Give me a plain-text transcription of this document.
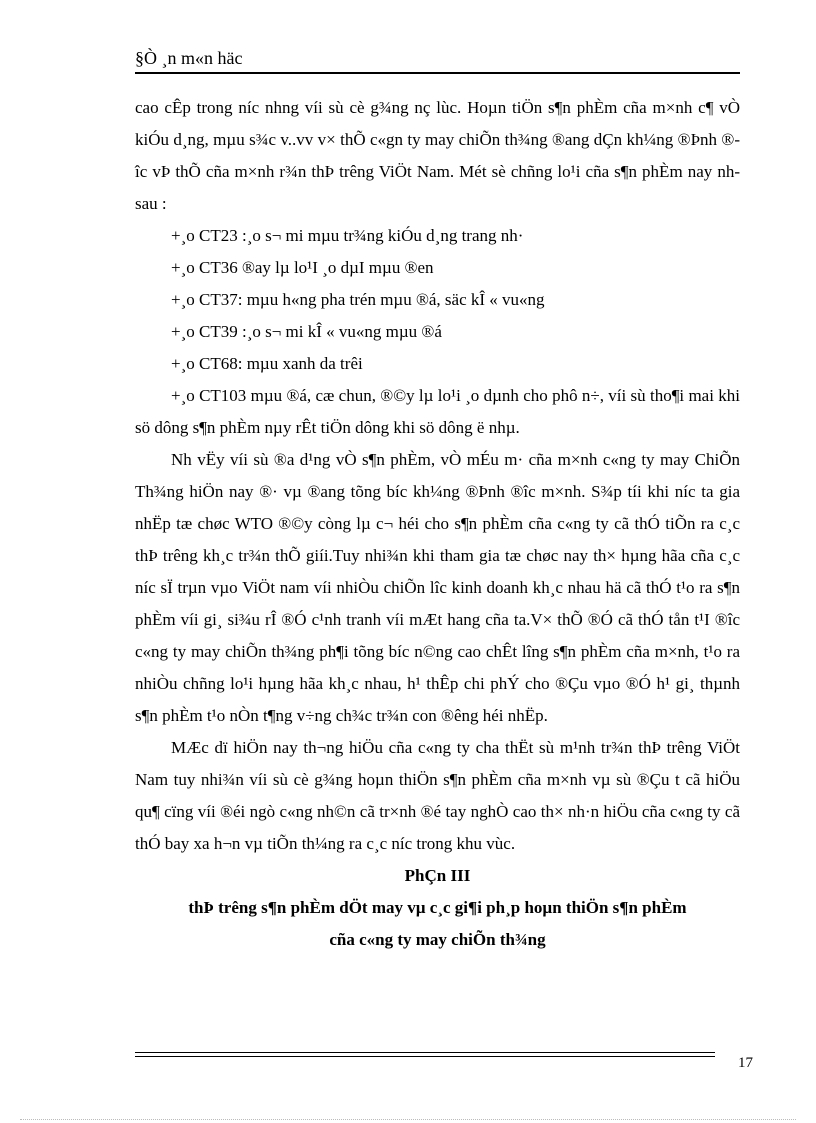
§Ò ¸n m«n häc

cao cÊp trong níc nhng víi sù cè g¾ng nç lùc. Hoµn tiÖn s¶n phÈm cña m×nh c¶ vÒ kiÓu d¸ng, mµu s¾c v..vv v× thÕ c«gn ty may chiÕn th¾ng ®ang dÇn kh¼ng ®Þnh ®îc vÞ thÕ cña m×nh r¾n thÞ trêng ViÖt Nam. Mét sè chñng lo¹i cña s¶n phÈm nay nh sau :

+¸o CT23 :¸o s¬ mi mµu tr¾ng kiÓu d¸ng trang nh·

+¸o CT36 ®ay lµ lo¹I ¸o dµI mµu ®en

+¸o CT37: mµu h«ng pha trén mµu ®á, säc kÎ « vu«ng

+¸o CT39 :¸o s¬ mi kÎ « vu«ng mµu ®á

+¸o CT68: mµu xanh da trêi

+¸o CT103 mµu ®á, cæ chun, ®©y lµ lo¹i ¸o dµnh cho phô n÷, víi sù tho¶i mai khi sö dông s¶n phÈm nµy rÊt tiÖn dông khi sö dông ë nhµ.

Nh vËy víi sù ®a d¹ng vÒ s¶n phÈm, vÒ mÉu m· cña m×nh c«ng ty may ChiÕn Th¾ng hiÖn nay ®· vµ ®ang tõng bíc kh¼ng ®Þnh ®îc m×nh. S¾p tíi khi níc ta gia nhËp tæ chøc WTO ®©y còng lµ c¬ héi cho s¶n phÈm cña c«ng ty cã thÓ tiÕn ra c¸c thÞ trêng kh¸c tr¾n thÕ giíi.Tuy nhi¾n khi tham gia tæ chøc nay th× hµng hãa cña c¸c níc sÏ trµn vµo ViÖt nam víi nhiÒu chiÕn lîc kinh doanh kh¸c nhau hä cã thÓ t¹o ra s¶n phÈm víi gi¸ si¾u rÎ ®Ó c¹nh tranh víi mÆt hang cña ta.V× thÕ ®Ó cã thÓ tån t¹I ®îc c«ng ty may chiÕn th¾ng ph¶i tõng bíc n©ng cao chÊt lîng s¶n phÈm cña m×nh, t¹o ra nhiÒu chñng lo¹i hµng hãa kh¸c nhau, h¹ thÊp chi phÝ cho ®Çu vµo ®Ó h¹ gi¸ thµnh s¶n phÈm t¹o nÒn t¶ng v÷ng ch¾c tr¾n con ®êng héi nhËp.

MÆc dï hiÖn nay th¬ng hiÖu cña c«ng ty cha thËt sù m¹nh tr¾n thÞ trêng ViÖt Nam tuy nhi¾n víi sù cè g¾ng hoµn thiÖn s¶n phÈm cña m×nh vµ sù ®Çu t cã hiÖu qu¶ cïng víi ®éi ngò c«ng nh©n cã tr×nh ®é tay nghÒ cao th× nh·n hiÖu cña c«ng ty cã thÓ bay xa h¬n vµ tiÕn th¼ng ra c¸c níc trong khu vùc.

PhÇn III

thÞ trêng s¶n phÈm dÖt may vµ c¸c gi¶i ph¸p hoµn thiÖn s¶n phÈm

cña c«ng ty may chiÕn th¾ng

17
